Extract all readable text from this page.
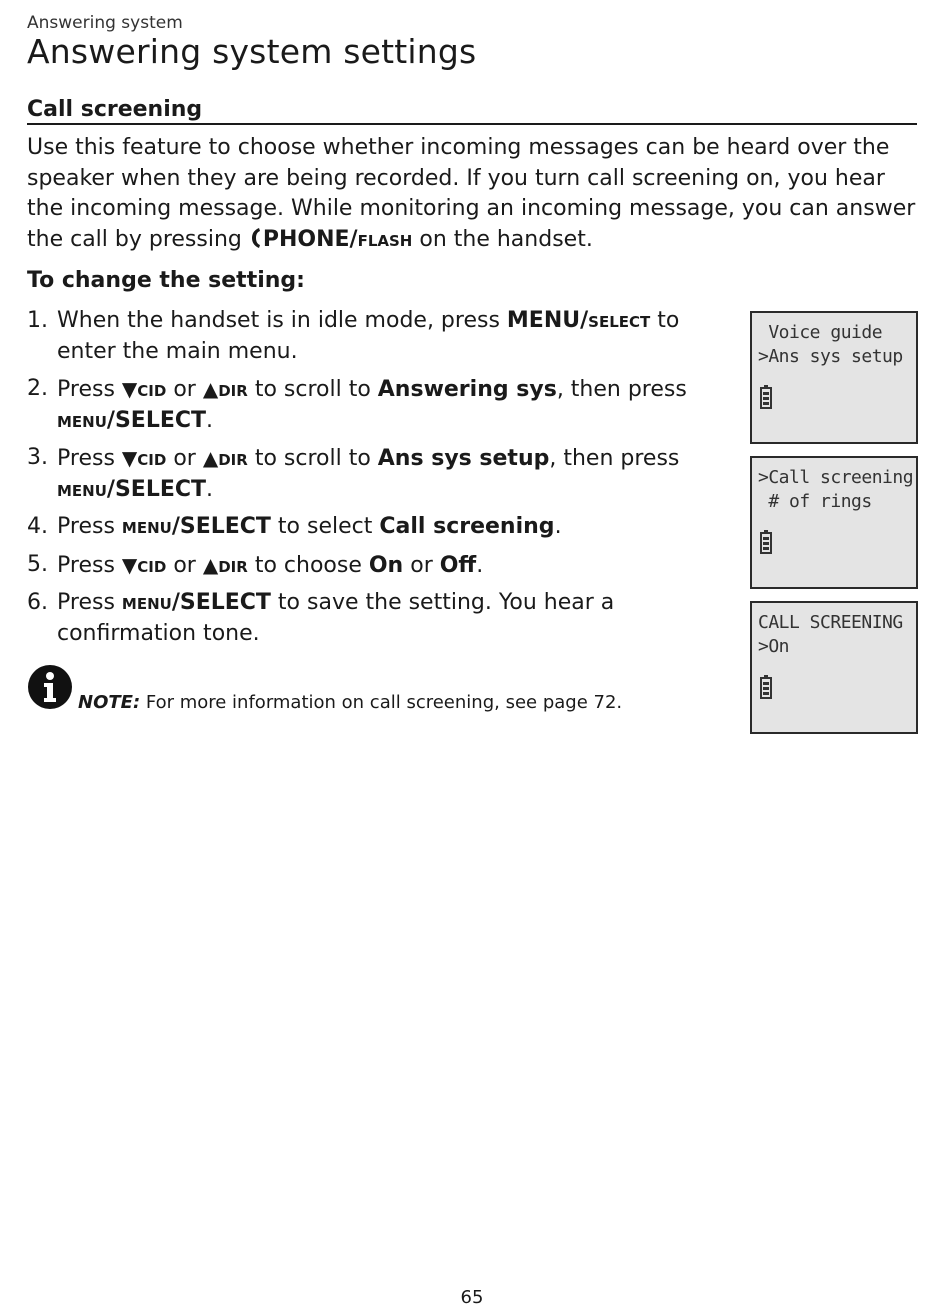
Answering system
Answering system settings
Call screening

Use this feature to choose whether incoming messages can be heard over the speaker when they are being recorded. If you turn call screening on, you hear the incoming message. While monitoring an incoming message, you can answer the call by pressing PHONE/flash on the handset.

To change the setting:
1. When the handset is in idle mode, press MENU/select to enter the main menu.
2. Press ▼cid or ▲dir to scroll to Answering sys, then press menu/SELECT.
3. Press ▼cid or ▲dir to scroll to Ans sys setup, then press menu/SELECT.
4. Press menu/SELECT to select Call screening.
5. Press ▼cid or ▲dir to choose On or Off.
6. Press menu/SELECT to save the setting. You hear a confirmation tone.
NOTE: For more information on call screening, see page 72.
Voice guide
>Ans sys setup
>Call screening
# of rings
CALL SCREENING
>On
65
